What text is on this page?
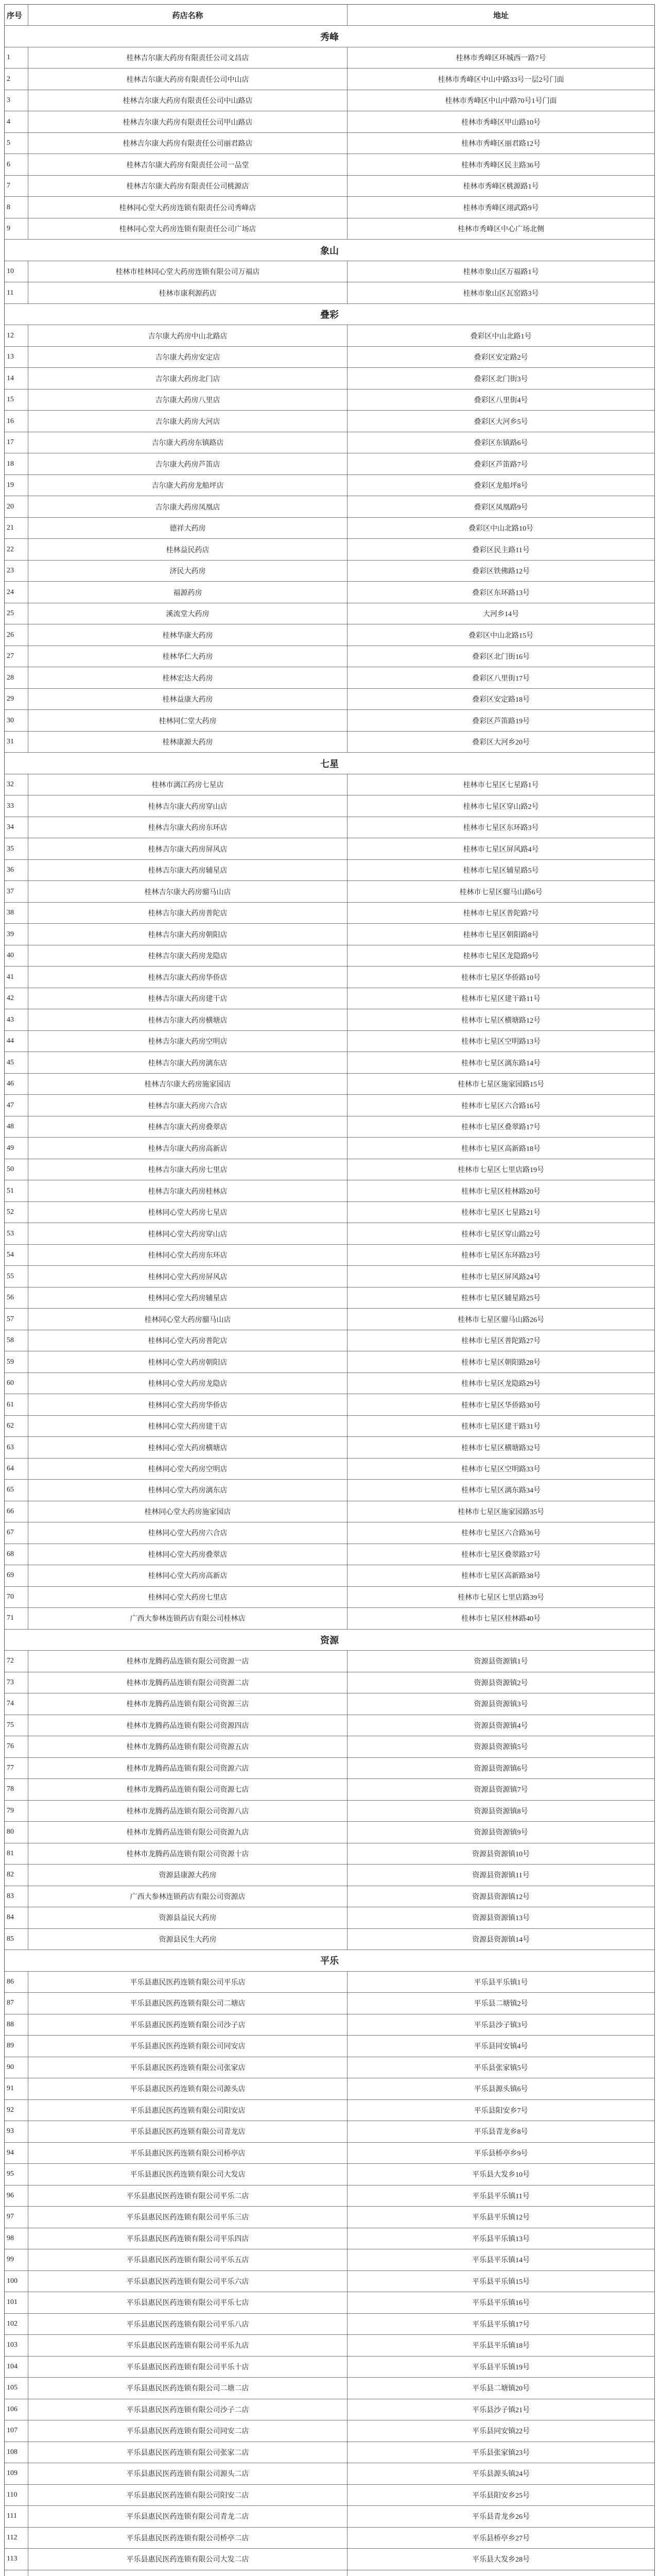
序号	药店名称	地址
秀峰
1	桂林吉尔康大药房有限责任公司文昌店	桂林市秀峰区环城西一路7号
2	桂林吉尔康大药房有限责任公司中山店	桂林市秀峰区中山中路33号一层2号门面
3	桂林吉尔康大药房有限责任公司中山路店	桂林市秀峰区中山中路70号1号门面
4	桂林吉尔康大药房有限责任公司甲山路店	桂林市秀峰区甲山路10号
5	桂林吉尔康大药房有限责任公司丽君路店	桂林市秀峰区丽君路12号
6	桂林吉尔康大药房有限责任公司一品堂	桂林市秀峰区民主路36号
7	桂林吉尔康大药房有限责任公司桃源店	桂林市秀峰区桃源路1号
8	桂林同心堂大药房连锁有限责任公司秀峰店	桂林市秀峰区翊武路9号
9	桂林同心堂大药房连锁有限责任公司广场店	桂林市秀峰区中心广场北侧
象山
10	桂林市桂林同心堂大药房连锁有限公司万福店	桂林市象山区万福路1号
11	桂林市康利源药店	桂林市象山区瓦窑路3号
叠彩
12	吉尔康大药房中山北路店	叠彩区中山北路1号
13	吉尔康大药房安定店	叠彩区安定路2号
14	吉尔康大药房北门店	叠彩区北门街3号
15	吉尔康大药房八里店	叠彩区八里街4号
16	吉尔康大药房大河店	叠彩区大河乡5号
17	吉尔康大药房东镇路店	叠彩区东镇路6号
18	吉尔康大药房芦笛店	叠彩区芦笛路7号
19	吉尔康大药房龙船坪店	叠彩区龙船坪8号
20	吉尔康大药房凤凰店	叠彩区凤凰路9号
21	德祥大药房	叠彩区中山北路10号
22	桂林益民药店	叠彩区民主路11号
23	济民大药房	叠彩区铁佛路12号
24	福源药房	叠彩区东环路13号
25	溪流堂大药房	大河乡14号
26	桂林华康大药房	叠彩区中山北路15号
27	桂林华仁大药房	叠彩区北门街16号
28	桂林宏达大药房	叠彩区八里街17号
29	桂林益康大药房	叠彩区安定路18号
30	桂林同仁堂大药房	叠彩区芦笛路19号
31	桂林康源大药房	叠彩区大河乡20号
七星
32	桂林市漓江药房七星店	桂林市七星区七星路1号
33	桂林吉尔康大药房穿山店	桂林市七星区穿山路2号
34	桂林吉尔康大药房东环店	桂林市七星区东环路3号
35	桂林吉尔康大药房屏风店	桂林市七星区屏风路4号
36	桂林吉尔康大药房辅星店	桂林市七星区辅星路5号
37	桂林吉尔康大药房骝马山店	桂林市七星区骝马山路6号
38	桂林吉尔康大药房普陀店	桂林市七星区普陀路7号
39	桂林吉尔康大药房朝阳店	桂林市七星区朝阳路8号
40	桂林吉尔康大药房龙隐店	桂林市七星区龙隐路9号
41	桂林吉尔康大药房华侨店	桂林市七星区华侨路10号
42	桂林吉尔康大药房建干店	桂林市七星区建干路11号
43	桂林吉尔康大药房横塘店	桂林市七星区横塘路12号
44	桂林吉尔康大药房空明店	桂林市七星区空明路13号
45	桂林吉尔康大药房漓东店	桂林市七星区漓东路14号
46	桂林吉尔康大药房施家园店	桂林市七星区施家园路15号
47	桂林吉尔康大药房六合店	桂林市七星区六合路16号
48	桂林吉尔康大药房叠翠店	桂林市七星区叠翠路17号
49	桂林吉尔康大药房高新店	桂林市七星区高新路18号
50	桂林吉尔康大药房七里店	桂林市七星区七里店路19号
51	桂林吉尔康大药房桂林店	桂林市七星区桂林路20号
52	桂林同心堂大药房七星店	桂林市七星区七星路21号
53	桂林同心堂大药房穿山店	桂林市七星区穿山路22号
54	桂林同心堂大药房东环店	桂林市七星区东环路23号
55	桂林同心堂大药房屏风店	桂林市七星区屏风路24号
56	桂林同心堂大药房辅星店	桂林市七星区辅星路25号
57	桂林同心堂大药房骝马山店	桂林市七星区骝马山路26号
58	桂林同心堂大药房普陀店	桂林市七星区普陀路27号
59	桂林同心堂大药房朝阳店	桂林市七星区朝阳路28号
60	桂林同心堂大药房龙隐店	桂林市七星区龙隐路29号
61	桂林同心堂大药房华侨店	桂林市七星区华侨路30号
62	桂林同心堂大药房建干店	桂林市七星区建干路31号
63	桂林同心堂大药房横塘店	桂林市七星区横塘路32号
64	桂林同心堂大药房空明店	桂林市七星区空明路33号
65	桂林同心堂大药房漓东店	桂林市七星区漓东路34号
66	桂林同心堂大药房施家园店	桂林市七星区施家园路35号
67	桂林同心堂大药房六合店	桂林市七星区六合路36号
68	桂林同心堂大药房叠翠店	桂林市七星区叠翠路37号
69	桂林同心堂大药房高新店	桂林市七星区高新路38号
70	桂林同心堂大药房七里店	桂林市七星区七里店路39号
71	广西大参林连锁药店有限公司桂林店	桂林市七星区桂林路40号
资源
72	桂林市龙腾药品连锁有限公司资源一店	资源县资源镇1号
73	桂林市龙腾药品连锁有限公司资源二店	资源县资源镇2号
74	桂林市龙腾药品连锁有限公司资源三店	资源县资源镇3号
75	桂林市龙腾药品连锁有限公司资源四店	资源县资源镇4号
76	桂林市龙腾药品连锁有限公司资源五店	资源县资源镇5号
77	桂林市龙腾药品连锁有限公司资源六店	资源县资源镇6号
78	桂林市龙腾药品连锁有限公司资源七店	资源县资源镇7号
79	桂林市龙腾药品连锁有限公司资源八店	资源县资源镇8号
80	桂林市龙腾药品连锁有限公司资源九店	资源县资源镇9号
81	桂林市龙腾药品连锁有限公司资源十店	资源县资源镇10号
82	资源县康源大药房	资源县资源镇11号
83	广西大参林连锁药店有限公司资源店	资源县资源镇12号
84	资源县益民大药房	资源县资源镇13号
85	资源县民生大药房	资源县资源镇14号
平乐
86	平乐县惠民医药连锁有限公司平乐店	平乐县平乐镇1号
87	平乐县惠民医药连锁有限公司二塘店	平乐县二塘镇2号
88	平乐县惠民医药连锁有限公司沙子店	平乐县沙子镇3号
89	平乐县惠民医药连锁有限公司同安店	平乐县同安镇4号
90	平乐县惠民医药连锁有限公司张家店	平乐县张家镇5号
91	平乐县惠民医药连锁有限公司源头店	平乐县源头镇6号
92	平乐县惠民医药连锁有限公司阳安店	平乐县阳安乡7号
93	平乐县惠民医药连锁有限公司青龙店	平乐县青龙乡8号
94	平乐县惠民医药连锁有限公司桥亭店	平乐县桥亭乡9号
95	平乐县惠民医药连锁有限公司大发店	平乐县大发乡10号
96	平乐县惠民医药连锁有限公司平乐二店	平乐县平乐镇11号
97	平乐县惠民医药连锁有限公司平乐三店	平乐县平乐镇12号
98	平乐县惠民医药连锁有限公司平乐四店	平乐县平乐镇13号
99	平乐县惠民医药连锁有限公司平乐五店	平乐县平乐镇14号
100	平乐县惠民医药连锁有限公司平乐六店	平乐县平乐镇15号
101	平乐县惠民医药连锁有限公司平乐七店	平乐县平乐镇16号
102	平乐县惠民医药连锁有限公司平乐八店	平乐县平乐镇17号
103	平乐县惠民医药连锁有限公司平乐九店	平乐县平乐镇18号
104	平乐县惠民医药连锁有限公司平乐十店	平乐县平乐镇19号
105	平乐县惠民医药连锁有限公司二塘二店	平乐县二塘镇20号
106	平乐县惠民医药连锁有限公司沙子二店	平乐县沙子镇21号
107	平乐县惠民医药连锁有限公司同安二店	平乐县同安镇22号
108	平乐县惠民医药连锁有限公司张家二店	平乐县张家镇23号
109	平乐县惠民医药连锁有限公司源头二店	平乐县源头镇24号
110	平乐县惠民医药连锁有限公司阳安二店	平乐县阳安乡25号
111	平乐县惠民医药连锁有限公司青龙二店	平乐县青龙乡26号
112	平乐县惠民医药连锁有限公司桥亭二店	平乐县桥亭乡27号
113	平乐县惠民医药连锁有限公司大发二店	平乐县大发乡28号
